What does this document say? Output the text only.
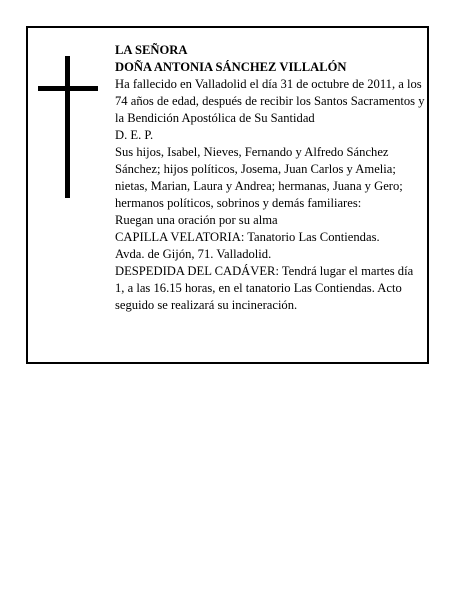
LA SEÑORA

DOÑA ANTONIA SÁNCHEZ VILLALÓN

Ha fallecido en Valladolid el día 31 de octubre de 2011, a los 74 años de edad, después de recibir los Santos Sacramentos y la Bendición Apostólica de Su Santidad

D. E. P.

Sus hijos, Isabel, Nieves, Fernando y Alfredo Sánchez Sánchez; hijos políticos, Josema, Juan Carlos y Amelia; nietas, Marian, Laura y Andrea; hermanas, Juana y Gero; hermanos políticos, sobrinos y demás familiares:

Ruegan una oración por su alma

CAPILLA VELATORIA: Tanatorio Las Contiendas.

Avda. de Gijón, 71. Valladolid.

DESPEDIDA DEL CADÁVER: Tendrá lugar el martes día 1, a las 16.15 horas, en el tanatorio Las Contiendas. Acto seguido se realizará su incineración.
